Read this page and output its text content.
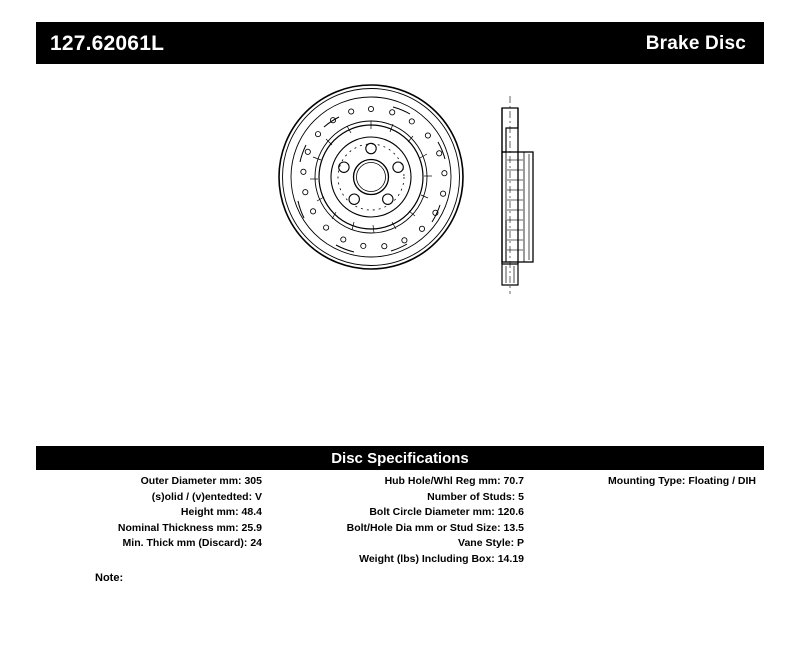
127.62061L	Brake Disc
Disc Specifications
Outer Diameter mm: 305
(s)olid / (v)entedted: V
Height mm: 48.4
Nominal Thickness mm: 25.9
Min. Thick mm (Discard): 24
Hub Hole/Whl Reg mm: 70.7
Number of Studs: 5
Bolt Circle Diameter mm: 120.6
Bolt/Hole Dia mm or Stud Size: 13.5
Vane Style: P
Weight (lbs) Including Box: 14.19
Mounting Type: Floating / DIH
Note:
